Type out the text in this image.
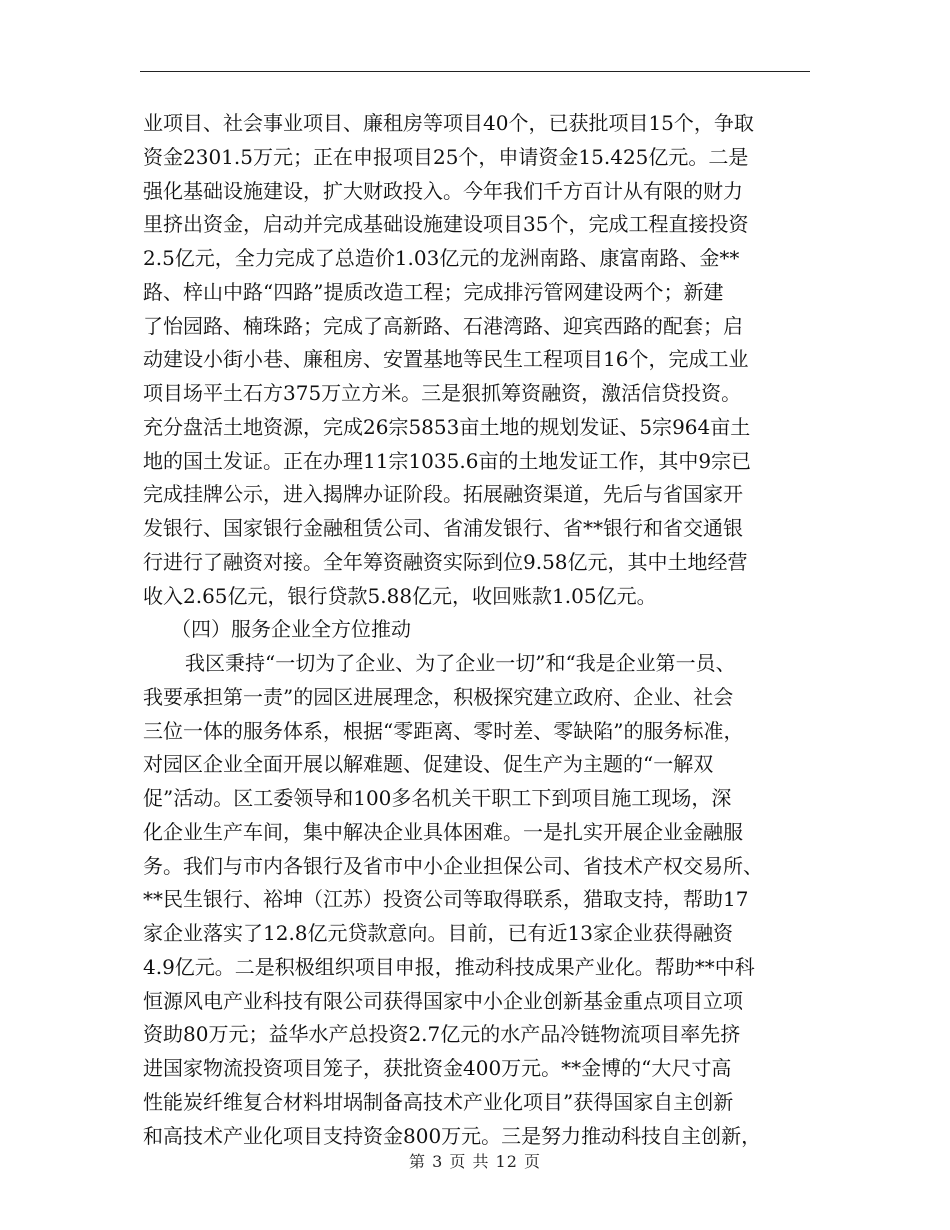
业项目、社会事业项目、廉租房等项目40个，已获批项目15个，争取
资金2301.5万元；正在申报项目25个，申请资金15.425亿元。二是
强化基础设施建设，扩大财政投入。今年我们千方百计从有限的财力
里挤出资金，启动并完成基础设施建设项目35个，完成工程直接投资
2.5亿元，全力完成了总造价1.03亿元的龙洲南路、康富南路、金**
路、梓山中路“四路”提质改造工程；完成排污管网建设两个；新建
了怡园路、楠珠路；完成了高新路、石港湾路、迎宾西路的配套；启
动建设小街小巷、廉租房、安置基地等民生工程项目16个，完成工业
项目场平土石方375万立方米。三是狠抓筹资融资，激活信贷投资。
充分盘活土地资源，完成26宗5853亩土地的规划发证、5宗964亩土
地的国土发证。正在办理11宗1035.6亩的土地发证工作，其中9宗已
完成挂牌公示，进入揭牌办证阶段。拓展融资渠道，先后与省国家开
发银行、国家银行金融租赁公司、省浦发银行、省**银行和省交通银
行进行了融资对接。全年筹资融资实际到位9.58亿元，其中土地经营
收入2.65亿元，银行贷款5.88亿元，收回账款1.05亿元。
（四）服务企业全方位推动
我区秉持“一切为了企业、为了企业一切”和“我是企业第一员、
我要承担第一责”的园区进展理念，积极探究建立政府、企业、社会
三位一体的服务体系，根据“零距离、零时差、零缺陷”的服务标准，
对园区企业全面开展以解难题、促建设、促生产为主题的“一解双
促”活动。区工委领导和100多名机关干职工下到项目施工现场，深
化企业生产车间，集中解决企业具体困难。一是扎实开展企业金融服
务。我们与市内各银行及省市中小企业担保公司、省技术产权交易所、
**民生银行、裕坤（江苏）投资公司等取得联系，猎取支持，帮助17
家企业落实了12.8亿元贷款意向。目前，已有近13家企业获得融资
4.9亿元。二是积极组织项目申报，推动科技成果产业化。帮助**中科
恒源风电产业科技有限公司获得国家中小企业创新基金重点项目立项
资助80万元；益华水产总投资2.7亿元的水产品冷链物流项目率先挤
进国家物流投资项目笼子，获批资金400万元。**金博的“大尺寸高
性能炭纤维复合材料坩埚制备高技术产业化项目”获得国家自主创新
和高技术产业化项目支持资金800万元。三是努力推动科技自主创新，
第 3 页 共 12 页
